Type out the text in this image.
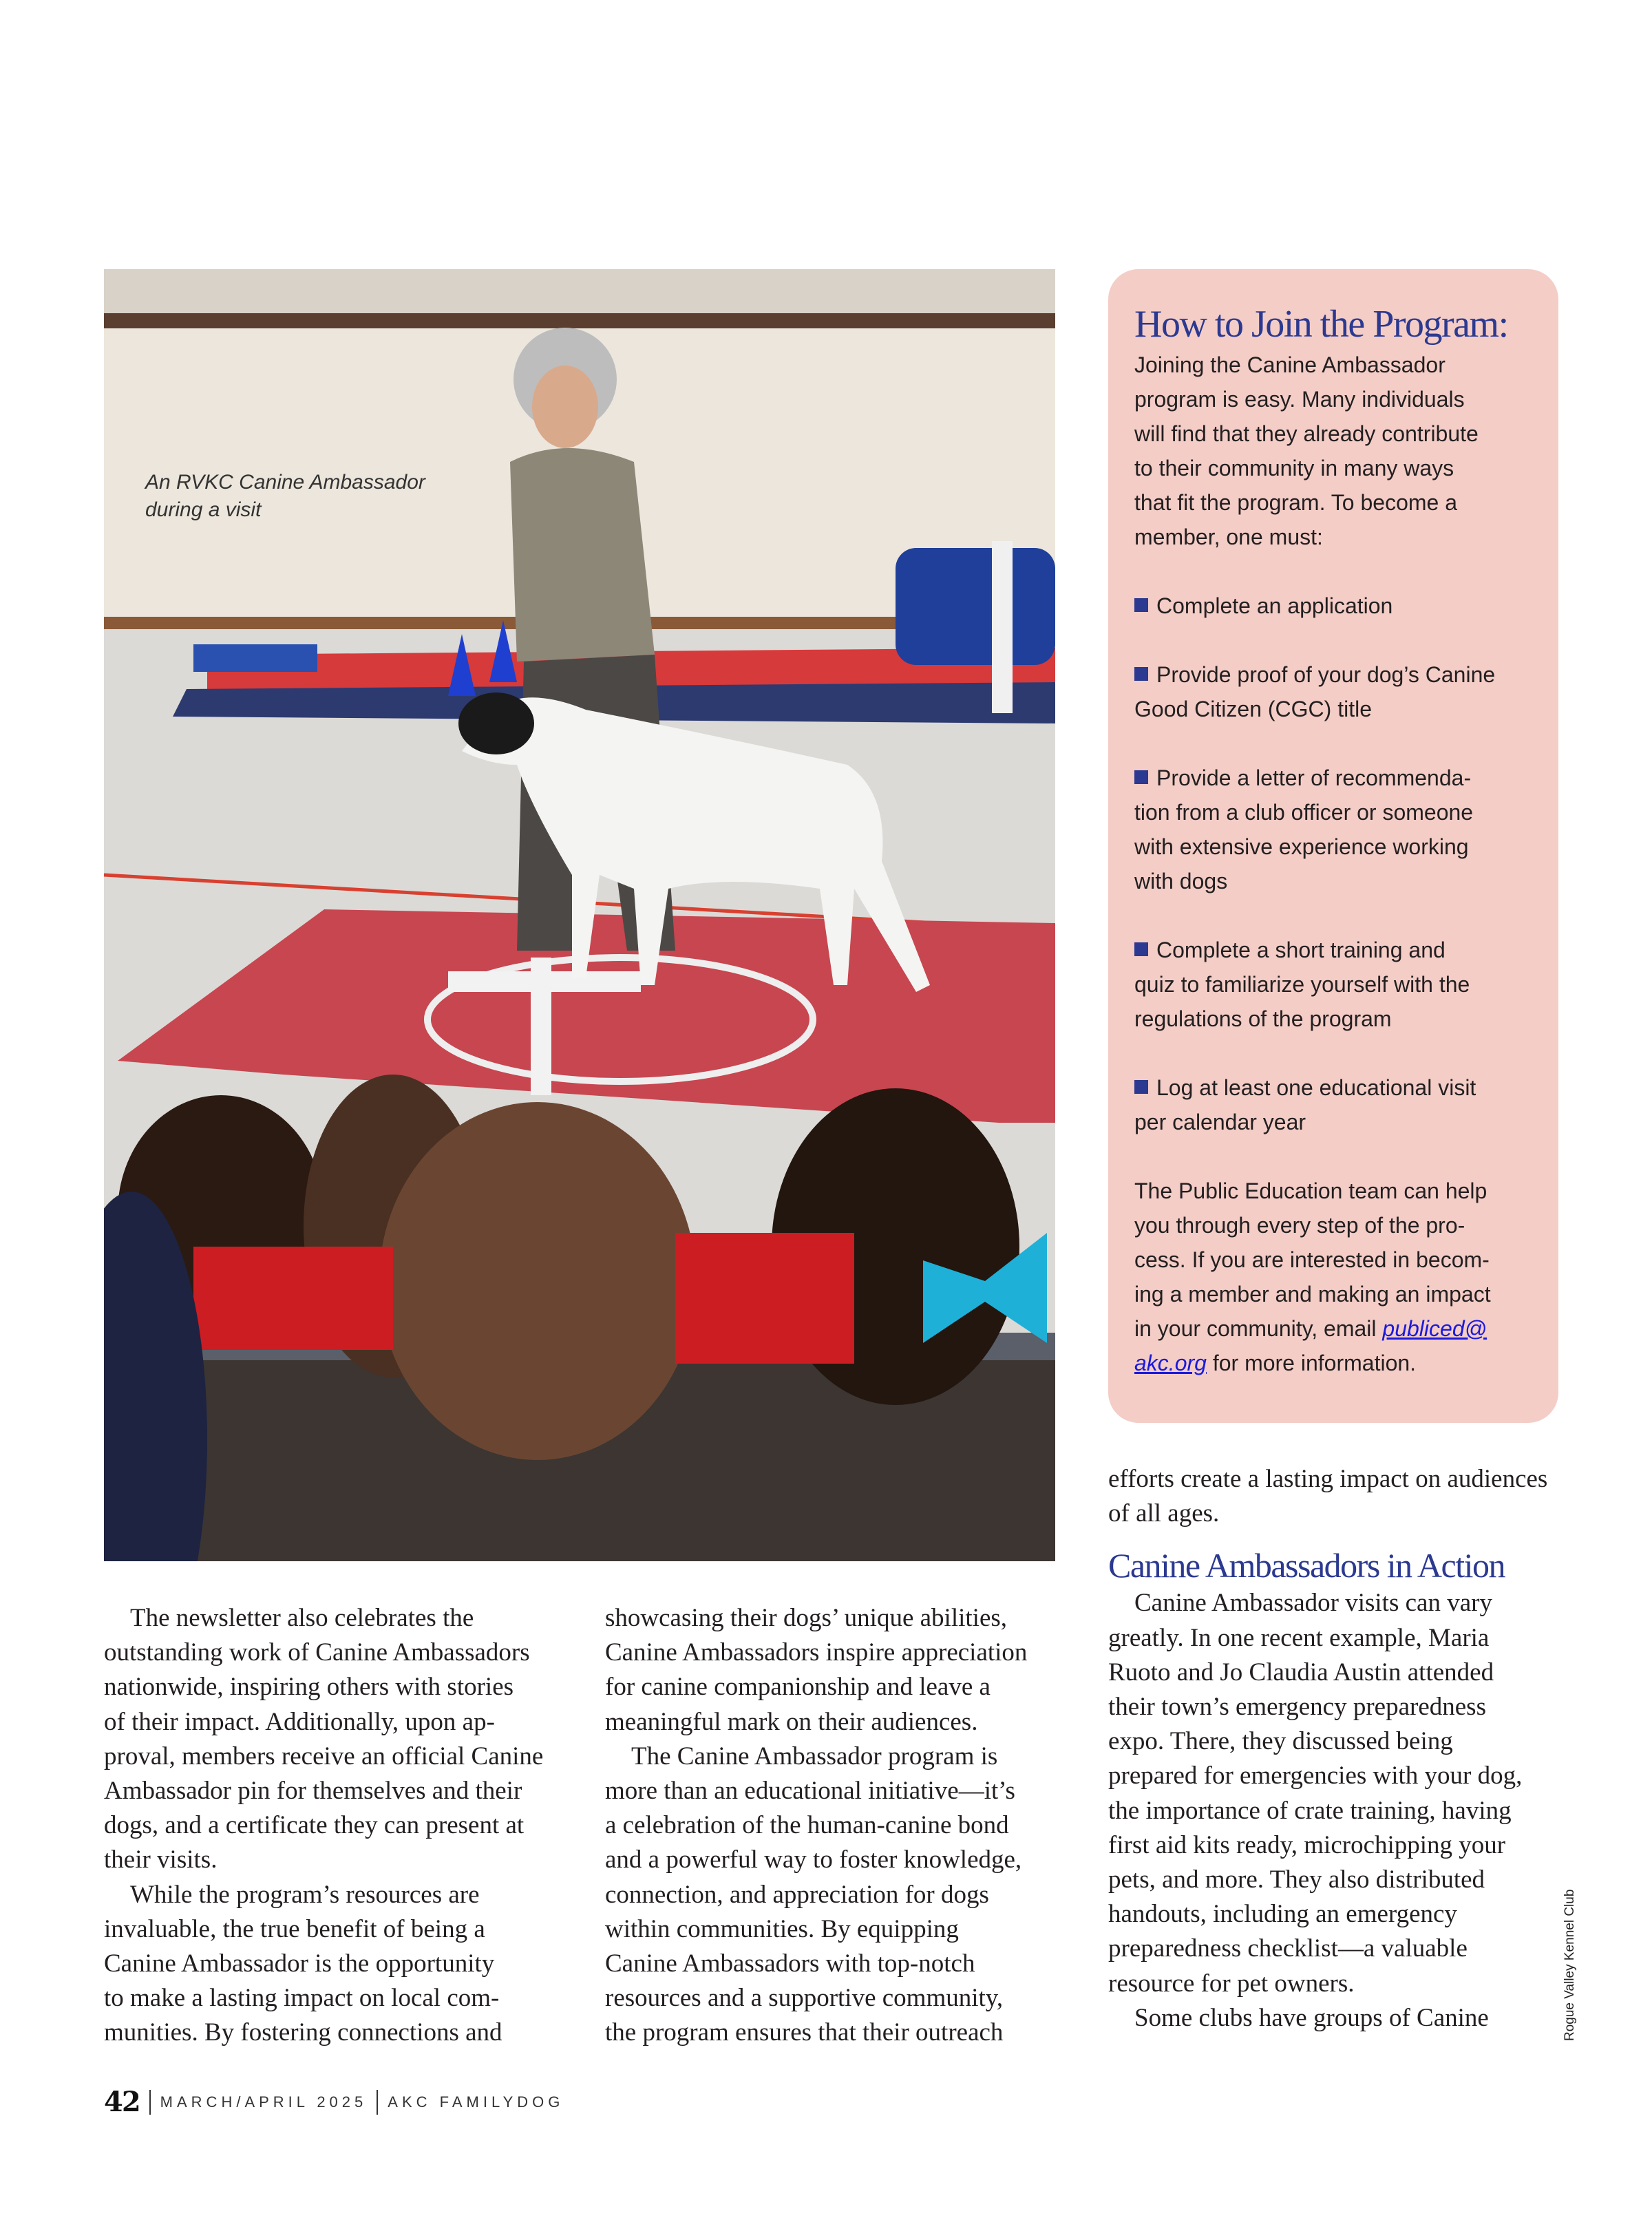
An RVKC Canine Ambassador
during a visit
How to Join the Program:
Joining the Canine Ambassador
program is easy. Many individuals
will find that they already contribute
to their community in many ways
that fit the program. To become a
member, one must:
Complete an application
Provide proof of your dog’s Canine
Good Citizen (CGC) title
Provide a letter of recommenda-
tion from a club officer or someone
with extensive experience working
with dogs
Complete a short training and
quiz to familiarize yourself with the
regulations of the program
Log at least one educational visit
per calendar year
The Public Education team can help
you through every step of the pro-
cess. If you are interested in becom-
ing a member and making an impact
in your community, email publiced@
akc.org for more information.
The newsletter also celebrates the
outstanding work of Canine Ambassadors
nationwide, inspiring others with stories
of their impact. Additionally, upon ap-
proval, members receive an official Canine
Ambassador pin for themselves and their
dogs, and a certificate they can present at
their visits.
While the program’s resources are
invaluable, the true benefit of being a
Canine Ambassador is the opportunity
to make a lasting impact on local com-
munities. By fostering connections and
showcasing their dogs’ unique abilities,
Canine Ambassadors inspire appreciation
for canine companionship and leave a
meaningful mark on their audiences.
The Canine Ambassador program is
more than an educational initiative—it’s
a celebration of the human-canine bond
and a powerful way to foster knowledge,
connection, and appreciation for dogs
within communities. By equipping
Canine Ambassadors with top-notch
resources and a supportive community,
the program ensures that their outreach
efforts create a lasting impact on audiences
of all ages.
Canine Ambassadors in Action
Canine Ambassador visits can vary
greatly. In one recent example, Maria
Ruoto and Jo Claudia Austin attended
their town’s emergency preparedness
expo. There, they discussed being
prepared for emergencies with your dog,
the importance of crate training, having
first aid kits ready, microchipping your
pets, and more. They also distributed
handouts, including an emergency
preparedness checklist—a valuable
resource for pet owners.
Some clubs have groups of Canine	Rogue Valley Kennel Club
42 MARCH/APRIL 2025 AKC FAMILYDOG
